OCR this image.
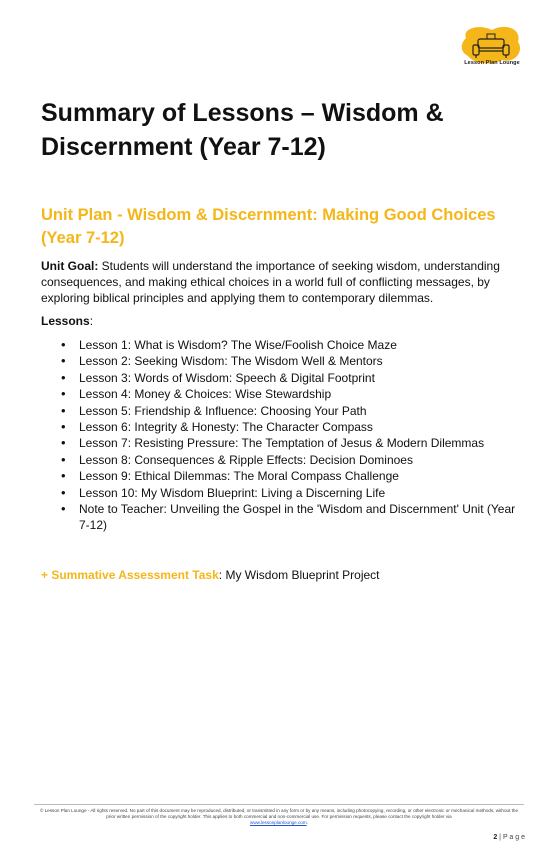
Lesson Plan Lounge
Summary of Lessons – Wisdom & Discernment (Year 7-12)
Unit Plan - Wisdom & Discernment: Making Good Choices (Year 7-12)

Unit Goal: Students will understand the importance of seeking wisdom, understanding consequences, and making ethical choices in a world full of conflicting messages, by exploring biblical principles and applying them to contemporary dilemmas.

Lessons:

• Lesson 1: What is Wisdom? The Wise/Foolish Choice Maze
• Lesson 2: Seeking Wisdom: The Wisdom Well & Mentors
• Lesson 3: Words of Wisdom: Speech & Digital Footprint
• Lesson 4: Money & Choices: Wise Stewardship
• Lesson 5: Friendship & Influence: Choosing Your Path
• Lesson 6: Integrity & Honesty: The Character Compass
• Lesson 7: Resisting Pressure: The Temptation of Jesus & Modern Dilemmas
• Lesson 8: Consequences & Ripple Effects: Decision Dominoes
• Lesson 9: Ethical Dilemmas: The Moral Compass Challenge
• Lesson 10: My Wisdom Blueprint: Living a Discerning Life
• Note to Teacher: Unveiling the Gospel in the 'Wisdom and Discernment' Unit (Year 7-12)

+ Summative Assessment Task: My Wisdom Blueprint Project

© Lesson Plan Lounge - All rights reserved. No part of this document may be reproduced, distributed, or transmitted in any form or by any means, including photocopying, recording, or other electronic or mechanical methods, without the prior written permission of the copyright holder. This applies to both commercial and non-commercial use. For permission requests, please contact the copyright holder via
www.lessonplanlounge.com.
2 | P a g e
